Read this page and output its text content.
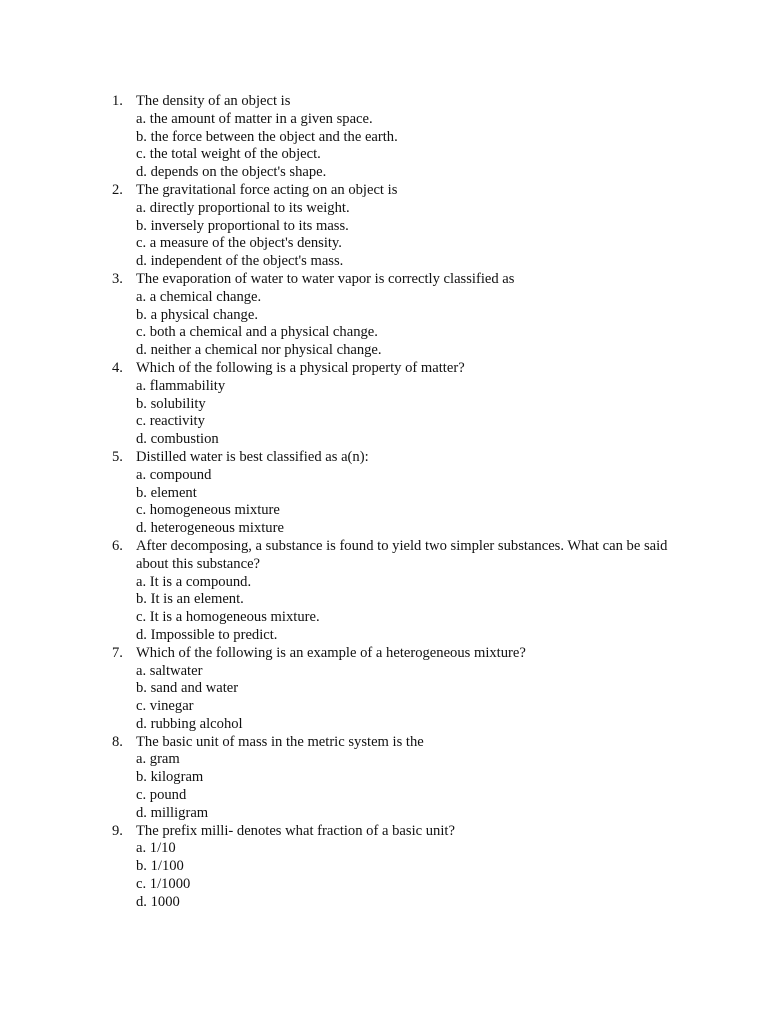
1. The density of an object is
a. the amount of matter in a given space.
b. the force between the object and the earth.
c. the total weight of the object.
d. depends on the object's shape.
2. The gravitational force acting on an object is
a. directly proportional to its weight.
b. inversely proportional to its mass.
c. a measure of the object's density.
d. independent of the object's mass.
3. The evaporation of water to water vapor is correctly classified as
a. a chemical change.
b. a physical change.
c. both a chemical and a physical change.
d. neither a chemical nor physical change.
4. Which of the following is a physical property of matter?
a. flammability
b. solubility
c. reactivity
d. combustion
5. Distilled water is best classified as a(n):
a. compound
b. element
c. homogeneous mixture
d. heterogeneous mixture
6. After decomposing, a substance is found to yield two simpler substances. What can be said about this substance?
a. It is a compound.
b. It is an element.
c. It is a homogeneous mixture.
d. Impossible to predict.
7. Which of the following is an example of a heterogeneous mixture?
a. saltwater
b. sand and water
c. vinegar
d. rubbing alcohol
8. The basic unit of mass in the metric system is the
a. gram
b. kilogram
c. pound
d. milligram
9. The prefix milli- denotes what fraction of a basic unit?
a. 1/10
b. 1/100
c. 1/1000
d. 1000
